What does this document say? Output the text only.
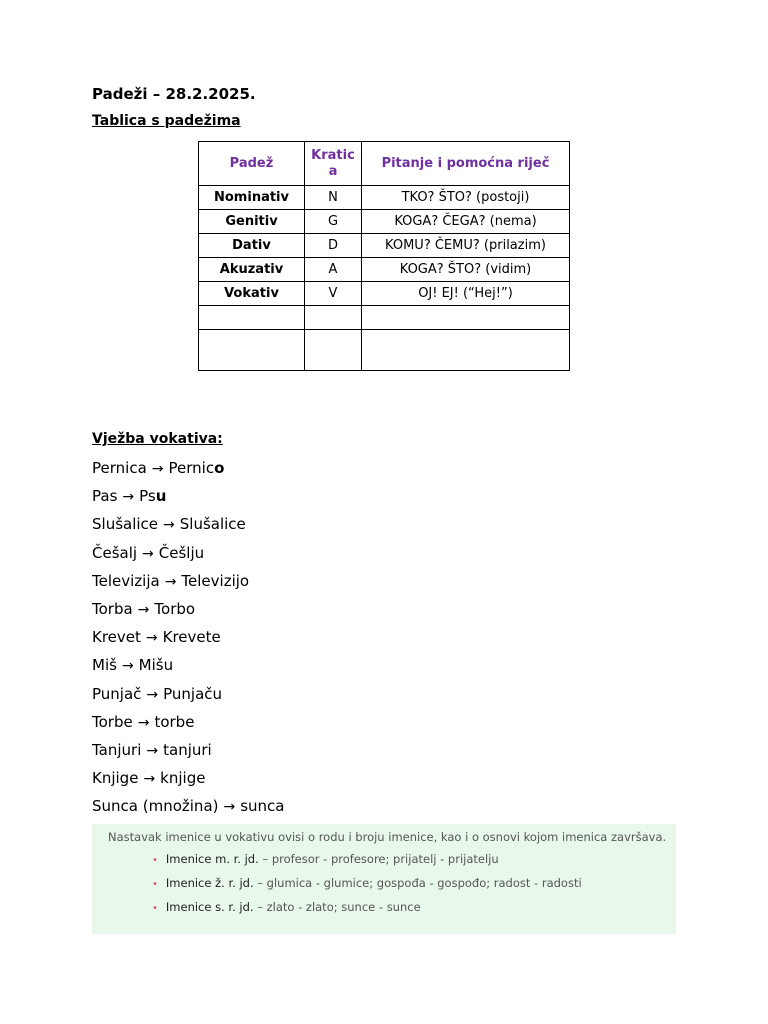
Padeži – 28.2.2025.
Tablica s padežima
Padež	Kratic a	Pitanje i pomoćna riječ
Nominativ	N	TKO? ŠTO? (postoji)
Genitiv	G	KOGA? ČEGA? (nema)
Dativ	D	KOMU? ČEMU? (prilazim)
Akuzativ	A	KOGA? ŠTO? (vidim)
Vokativ	V	OJ! EJ! (“Hej!”)

Vježba vokativa:
Pernica → Pernico
Pas → Psu
Slušalice → Slušalice
Češalj → Češlju
Televizija → Televizijo
Torba → Torbo
Krevet → Krevete
Miš → Mišu
Punjač → Punjaču
Torbe → torbe
Tanjuri → tanjuri
Knjige → knjige
Sunca (množina) → sunca
Nastavak imenice u vokativu ovisi o rodu i broju imenice, kao i o osnovi kojom imenica završava.
• Imenice m. r. jd. – profesor - profesore; prijatelj - prijatelju
• Imenice ž. r. jd. – glumica - glumice; gospođa - gospođo; radost - radosti
• Imenice s. r. jd. – zlato - zlato; sunce - sunce
